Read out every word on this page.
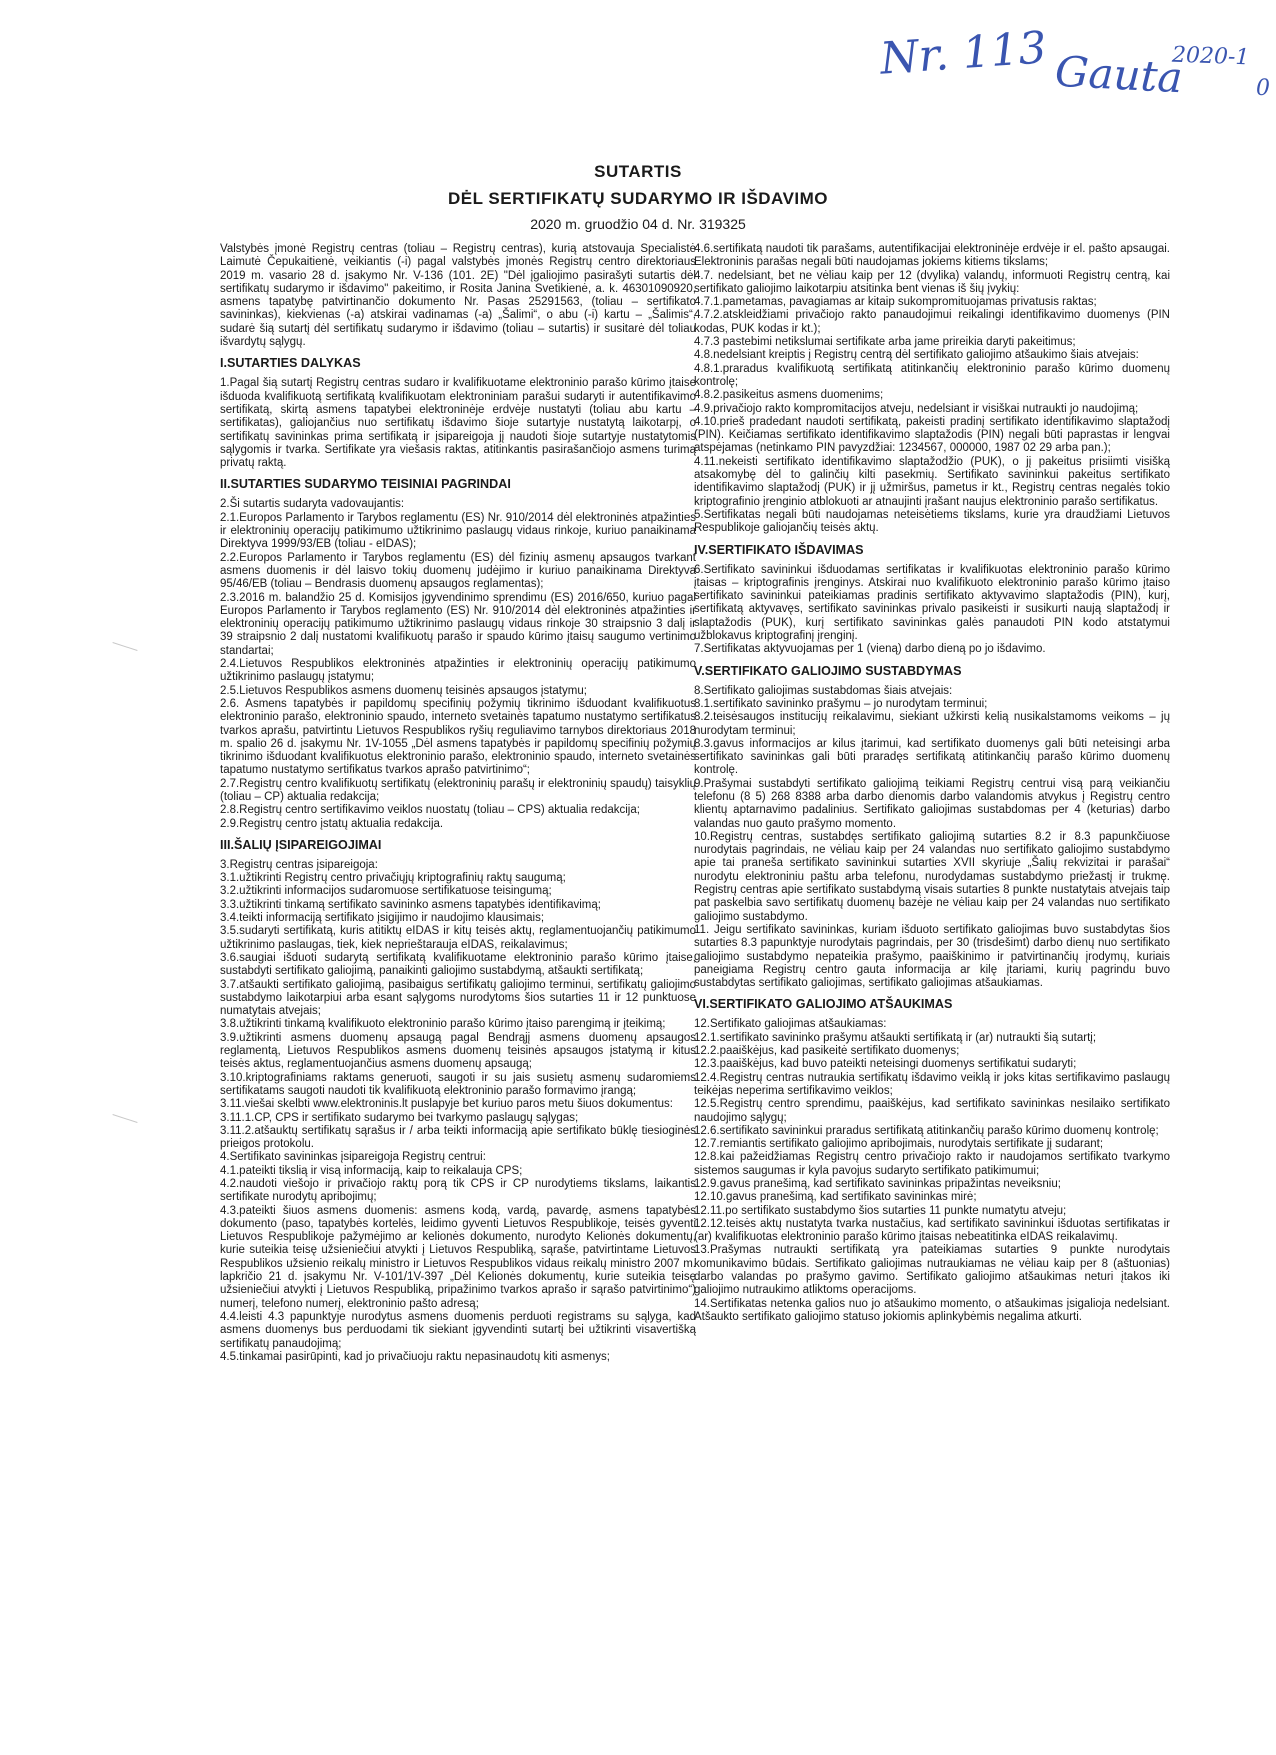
Nr. 113 Gauta
2020-1
0
SUTARTIS
DĖL SERTIFIKATŲ SUDARYMO IR IŠDAVIMO
2020 m. gruodžio 04 d. Nr. 319325

Valstybės įmonė Registrų centras (toliau – Registrų centras), kurią atstovauja Specialistė Laimutė Čepukaitienė, veikiantis (-i) pagal valstybės įmonės Registrų centro direktoriaus 2019 m. vasario 28 d. įsakymo Nr. V-136 (101. 2E) "Dėl įgaliojimo pasirašyti sutartis dėl sertifikatų sudarymo ir išdavimo" pakeitimo, ir Rosita Janina Svetikienė, a. k. 46301090920, asmens tapatybę patvirtinančio dokumento Nr. Pasas 25291563, (toliau – sertifikato savininkas), kiekvienas (-a) atskirai vadinamas (-a) „Šalimi“, o abu (-i) kartu – „Šalimis“, sudarė šią sutartį dėl sertifikatų sudarymo ir išdavimo (toliau – sutartis) ir susitarė dėl toliau išvardytų sąlygų.

I.SUTARTIES DALYKAS

1.Pagal šią sutartį Registrų centras sudaro ir kvalifikuotame elektroninio parašo kūrimo įtaise išduoda kvalifikuotą sertifikatą kvalifikuotam elektroniniam parašui sudaryti ir autentifikavimo sertifikatą, skirtą asmens tapatybei elektroninėje erdvėje nustatyti (toliau abu kartu – sertifikatas), galiojančius nuo sertifikatų išdavimo šioje sutartyje nustatytą laikotarpį, o sertifikatų savininkas prima sertifikatą ir įsipareigoja jį naudoti šioje sutartyje nustatytomis sąlygomis ir tvarka. Sertifikate yra viešasis raktas, atitinkantis pasirašančiojo asmens turimą privatų raktą.

II.SUTARTIES SUDARYMO TEISINIAI PAGRINDAI

2.Ši sutartis sudaryta vadovaujantis:

2.1.Europos Parlamento ir Tarybos reglamentu (ES) Nr. 910/2014 dėl elektroninės atpažinties ir elektroninių operacijų patikimumo užtikrinimo paslaugų vidaus rinkoje, kuriuo panaikinama Direktyva 1999/93/EB (toliau - eIDAS);

2.2.Europos Parlamento ir Tarybos reglamentu (ES) dėl fizinių asmenų apsaugos tvarkant asmens duomenis ir dėl laisvo tokių duomenų judėjimo ir kuriuo panaikinama Direktyva 95/46/EB (toliau – Bendrasis duomenų apsaugos reglamentas);

2.3.2016 m. balandžio 25 d. Komisijos įgyvendinimo sprendimu (ES) 2016/650, kuriuo pagal Europos Parlamento ir Tarybos reglamento (ES) Nr. 910/2014 dėl elektroninės atpažinties ir elektroninių operacijų patikimumo užtikrinimo paslaugų vidaus rinkoje 30 straipsnio 3 dalį ir 39 straipsnio 2 dalį nustatomi kvalifikuotų parašo ir spaudo kūrimo įtaisų saugumo vertinimo standartai;

2.4.Lietuvos Respublikos elektroninės atpažinties ir elektroninių operacijų patikimumo užtikrinimo paslaugų įstatymu;

2.5.Lietuvos Respublikos asmens duomenų teisinės apsaugos įstatymu;

2.6. Asmens tapatybės ir papildomų specifinių požymių tikrinimo išduodant kvalifikuotus elektroninio parašo, elektroninio spaudo, interneto svetainės tapatumo nustatymo sertifikatus tvarkos aprašu, patvirtintu Lietuvos Respublikos ryšių reguliavimo tarnybos direktoriaus 2018 m. spalio 26 d. įsakymu Nr. 1V-1055 „Dėl asmens tapatybės ir papildomų specifinių požymių tikrinimo išduodant kvalifikuotus elektroninio parašo, elektroninio spaudo, interneto svetainės tapatumo nustatymo sertifikatus tvarkos aprašo patvirtinimo“;

2.7.Registrų centro kvalifikuotų sertifikatų (elektroninių parašų ir elektroninių spaudų) taisyklių (toliau – CP) aktualia redakcija;

2.8.Registrų centro sertifikavimo veiklos nuostatų (toliau – CPS) aktualia redakcija;

2.9.Registrų centro įstatų aktualia redakcija.

III.ŠALIŲ ĮSIPAREIGOJIMAI

3.Registrų centras įsipareigoja:

3.1.užtikrinti Registrų centro privačiųjų kriptografinių raktų saugumą;

3.2.užtikrinti informacijos sudaromuose sertifikatuose teisingumą;

3.3.užtikrinti tinkamą sertifikato savininko asmens tapatybės identifikavimą;

3.4.teikti informaciją sertifikato įsigijimo ir naudojimo klausimais;

3.5.sudaryti sertifikatą, kuris atitiktų eIDAS ir kitų teisės aktų, reglamentuojančių patikimumo užtikrinimo paslaugas, tiek, kiek neprieštarauja eIDAS, reikalavimus;

3.6.saugiai išduoti sudarytą sertifikatą kvalifikuotame elektroninio parašo kūrimo įtaise, sustabdyti sertifikato galiojimą, panaikinti galiojimo sustabdymą, atšaukti sertifikatą;

3.7.atšaukti sertifikato galiojimą, pasibaigus sertifikatų galiojimo terminui, sertifikatų galiojimo sustabdymo laikotarpiui arba esant sąlygoms nurodytoms šios sutarties 11 ir 12 punktuose numatytais atvejais;

3.8.užtikrinti tinkamą kvalifikuoto elektroninio parašo kūrimo įtaiso parengimą ir įteikimą;

3.9.užtikrinti asmens duomenų apsaugą pagal Bendrąjį asmens duomenų apsaugos reglamentą, Lietuvos Respublikos asmens duomenų teisinės apsaugos įstatymą ir kitus teisės aktus, reglamentuojančius asmens duomenų apsaugą;

3.10.kriptografiniams raktams generuoti, saugoti ir su jais susietų asmenų sudaromiems sertifikatams saugoti naudoti tik kvalifikuotą elektroninio parašo formavimo įrangą;

3.11.viešai skelbti www.elektroninis.lt puslapyje bet kuriuo paros metu šiuos dokumentus:

3.11.1.CP, CPS ir sertifikato sudarymo bei tvarkymo paslaugų sąlygas;

3.11.2.atšauktų sertifikatų sąrašus ir / arba teikti informaciją apie sertifikato būklę tiesioginės prieigos protokolu.

4.Sertifikato savininkas įsipareigoja Registrų centrui:

4.1.pateikti tikslią ir visą informaciją, kaip to reikalauja CPS;

4.2.naudoti viešojo ir privačiojo raktų porą tik CPS ir CP nurodytiems tikslams, laikantis sertifikate nurodytų apribojimų;

4.3.pateikti šiuos asmens duomenis: asmens kodą, vardą, pavardę, asmens tapatybės dokumento (paso, tapatybės kortelės, leidimo gyventi Lietuvos Respublikoje, teisės gyventi Lietuvos Respublikoje pažymėjimo ar kelionės dokumento, nurodyto Kelionės dokumentų, kurie suteikia teisę užsieniečiui atvykti į Lietuvos Respubliką, sąraše, patvirtintame Lietuvos Respublikos užsienio reikalų ministro ir Lietuvos Respublikos vidaus reikalų ministro 2007 m. lapkričio 21 d. įsakymu Nr. V-101/1V-397 „Dėl Kelionės dokumentų, kurie suteikia teisę užsieniečiui atvykti į Lietuvos Respubliką, pripažinimo tvarkos aprašo ir sąrašo patvirtinimo“) numerį, telefono numerį, elektroninio pašto adresą;

4.4.leisti 4.3 papunktyje nurodytus asmens duomenis perduoti registrams su sąlyga, kad asmens duomenys bus perduodami tik siekiant įgyvendinti sutartį bei užtikrinti visavertišką sertifikatų panaudojimą;

4.5.tinkamai pasirūpinti, kad jo privačiuoju raktu nepasinaudotų kiti asmenys;

4.6.sertifikatą naudoti tik parašams, autentifikacijai elektroninėje erdvėje ir el. pašto apsaugai. Elektroninis parašas negali būti naudojamas jokiems kitiems tikslams;

4.7. nedelsiant, bet ne vėliau kaip per 12 (dvylika) valandų, informuoti Registrų centrą, kai sertifikato galiojimo laikotarpiu atsitinka bent vienas iš šių įvykių:

4.7.1.pametamas, pavagiamas ar kitaip sukompromituojamas privatusis raktas;

4.7.2.atskleidžiami privačiojo rakto panaudojimui reikalingi identifikavimo duomenys (PIN kodas, PUK kodas ir kt.);

4.7.3 pastebimi netikslumai sertifikate arba jame prireikia daryti pakeitimus;

4.8.nedelsiant kreiptis į Registrų centrą dėl sertifikato galiojimo atšaukimo šiais atvejais:

4.8.1.praradus kvalifikuotą sertifikatą atitinkančių elektroninio parašo kūrimo duomenų kontrolę;

4.8.2.pasikeitus asmens duomenims;

4.9.privačiojo rakto kompromitacijos atveju, nedelsiant ir visiškai nutraukti jo naudojimą;

4.10.prieš pradedant naudoti sertifikatą, pakeisti pradinį sertifikato identifikavimo slaptažodį (PIN). Keičiamas sertifikato identifikavimo slaptažodis (PIN) negali būti paprastas ir lengvai atspėjamas (netinkamo PIN pavyzdžiai: 1234567, 000000, 1987 02 29 arba pan.);

4.11.nekeisti sertifikato identifikavimo slaptažodžio (PUK), o jį pakeitus prisiimti visišką atsakomybę dėl to galinčių kilti pasekmių. Sertifikato savininkui pakeitus sertifikato identifikavimo slaptažodį (PUK) ir jį užmiršus, pametus ir kt., Registrų centras negalės tokio kriptografinio įrenginio atblokuoti ar atnaujinti įrašant naujus elektroninio parašo sertifikatus.

5.Sertifikatas negali būti naudojamas neteisėtiems tikslams, kurie yra draudžiami Lietuvos Respublikoje galiojančių teisės aktų.

IV.SERTIFIKATO IŠDAVIMAS

6.Sertifikato savininkui išduodamas sertifikatas ir kvalifikuotas elektroninio parašo kūrimo įtaisas – kriptografinis įrenginys. Atskirai nuo kvalifikuoto elektroninio parašo kūrimo įtaiso sertifikato savininkui pateikiamas pradinis sertifikato aktyvavimo slaptažodis (PIN), kurį, sertifikatą aktyvavęs, sertifikato savininkas privalo pasikeisti ir susikurti naują slaptažodį ir slaptažodis (PUK), kurį sertifikato savininkas galės panaudoti PIN kodo atstatymui užblokavus kriptografinį įrenginį.

7.Sertifikatas aktyvuojamas per 1 (vieną) darbo dieną po jo išdavimo.

V.SERTIFIKATO GALIOJIMO SUSTABDYMAS

8.Sertifikato galiojimas sustabdomas šiais atvejais:

8.1.sertifikato savininko prašymu – jo nurodytam terminui;

8.2.teisėsaugos institucijų reikalavimu, siekiant užkirsti kelią nusikalstamoms veikoms – jų nurodytam terminui;

8.3.gavus informacijos ar kilus įtarimui, kad sertifikato duomenys gali būti neteisingi arba sertifikato savininkas gali būti praradęs sertifikatą atitinkančių parašo kūrimo duomenų kontrolę.

9.Prašymai sustabdyti sertifikato galiojimą teikiami Registrų centrui visą parą veikiančiu telefonu (8 5) 268 8388 arba darbo dienomis darbo valandomis atvykus į Registrų centro klientų aptarnavimo padalinius. Sertifikato galiojimas sustabdomas per 4 (keturias) darbo valandas nuo gauto prašymo momento.

10.Registrų centras, sustabdęs sertifikato galiojimą sutarties 8.2 ir 8.3 papunkčiuose nurodytais pagrindais, ne vėliau kaip per 24 valandas nuo sertifikato galiojimo sustabdymo apie tai praneša sertifikato savininkui sutarties XVII skyriuje „Šalių rekvizitai ir parašai“ nurodytu elektroniniu paštu arba telefonu, nurodydamas sustabdymo priežastį ir trukmę. Registrų centras apie sertifikato sustabdymą visais sutarties 8 punkte nustatytais atvejais taip pat paskelbia savo sertifikatų duomenų bazėje ne vėliau kaip per 24 valandas nuo sertifikato galiojimo sustabdymo.

11. Jeigu sertifikato savininkas, kuriam išduoto sertifikato galiojimas buvo sustabdytas šios sutarties 8.3 papunktyje nurodytais pagrindais, per 30 (trisdešimt) darbo dienų nuo sertifikato galiojimo sustabdymo nepateikia prašymo, paaiškinimo ir patvirtinančių įrodymų, kuriais paneigiama Registrų centro gauta informacija ar kilę įtariami, kurių pagrindu buvo sustabdytas sertifikato galiojimas, sertifikato galiojimas atšaukiamas.

VI.SERTIFIKATO GALIOJIMO ATŠAUKIMAS

12.Sertifikato galiojimas atšaukiamas:

12.1.sertifikato savininko prašymu atšaukti sertifikatą ir (ar) nutraukti šią sutartį;

12.2.paaiškėjus, kad pasikeitė sertifikato duomenys;

12.3.paaiškėjus, kad buvo pateikti neteisingi duomenys sertifikatui sudaryti;

12.4.Registrų centras nutraukia sertifikatų išdavimo veiklą ir joks kitas sertifikavimo paslaugų teikėjas neperima sertifikavimo veiklos;

12.5.Registrų centro sprendimu, paaiškėjus, kad sertifikato savininkas nesilaiko sertifikato naudojimo sąlygų;

12.6.sertifikato savininkui praradus sertifikatą atitinkančių parašo kūrimo duomenų kontrolę;

12.7.remiantis sertifikato galiojimo apribojimais, nurodytais sertifikate jį sudarant;

12.8.kai pažeidžiamas Registrų centro privačiojo rakto ir naudojamos sertifikato tvarkymo sistemos saugumas ir kyla pavojus sudaryto sertifikato patikimumui;

12.9.gavus pranešimą, kad sertifikato savininkas pripažintas neveiksniu;

12.10.gavus pranešimą, kad sertifikato savininkas mirė;

12.11.po sertifikato sustabdymo šios sutarties 11 punkte numatytu atveju;

12.12.teisės aktų nustatyta tvarka nustačius, kad sertifikato savininkui išduotas sertifikatas ir (ar) kvalifikuotas elektroninio parašo kūrimo įtaisas nebeatitinka eIDAS reikalavimų.

13.Prašymas nutraukti sertifikatą yra pateikiamas sutarties 9 punkte nurodytais komunikavimo būdais. Sertifikato galiojimas nutraukiamas ne vėliau kaip per 8 (aštuonias) darbo valandas po prašymo gavimo. Sertifikato galiojimo atšaukimas neturi įtakos iki galiojimo nutraukimo atliktoms operacijoms.

14.Sertifikatas netenka galios nuo jo atšaukimo momento, o atšaukimas įsigalioja nedelsiant. Atšaukto sertifikato galiojimo statuso jokiomis aplinkybėmis negalima atkurti.
